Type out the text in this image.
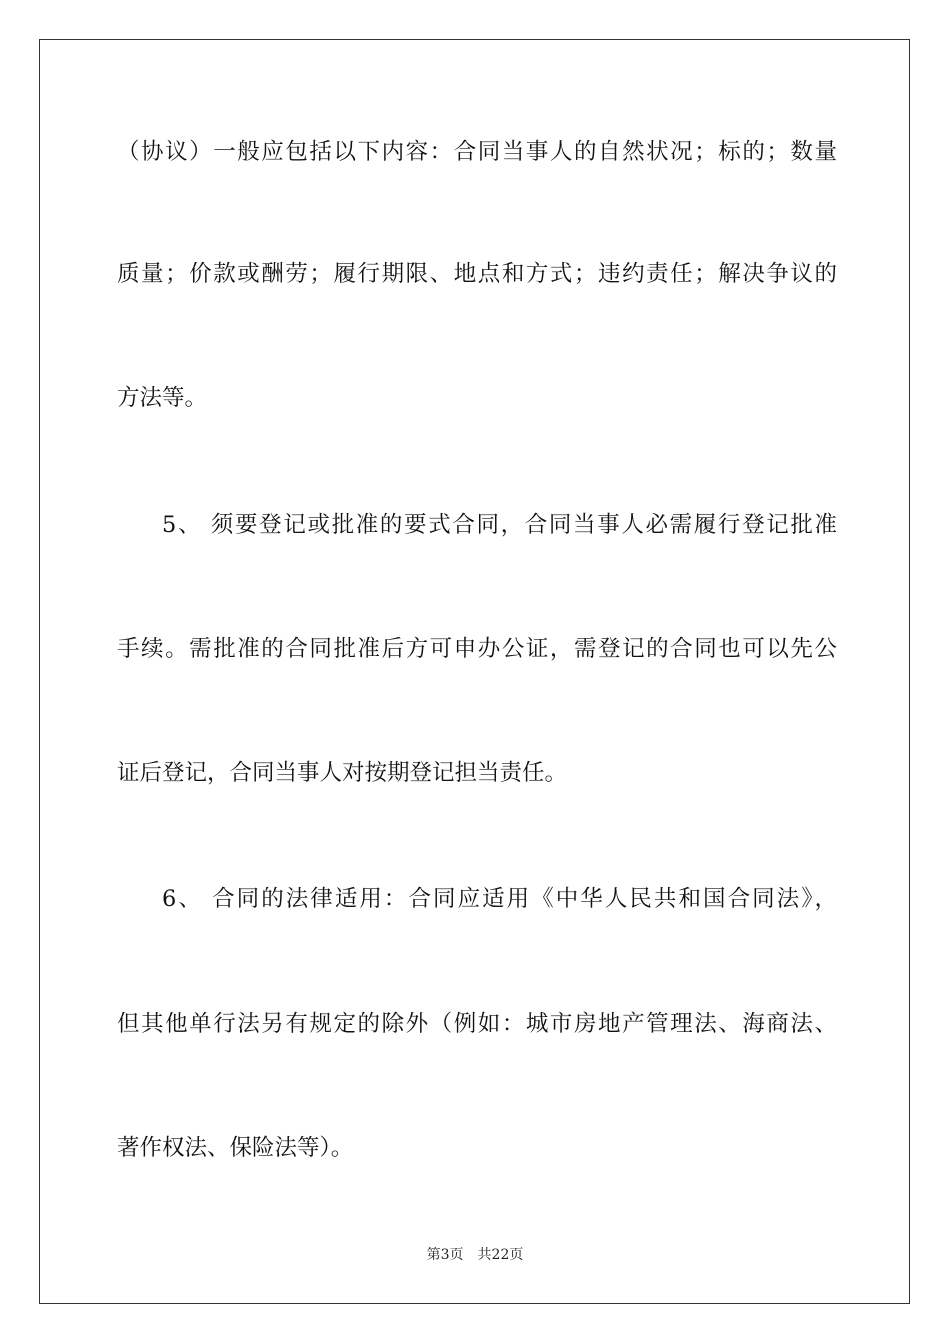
（协议）一般应包括以下内容：合同当事人的自然状况；标的；数量
质量；价款或酬劳；履行期限、地点和方式；违约责任；解决争议的
方法等。
5、 须要登记或批准的要式合同，合同当事人必需履行登记批准
手续。需批准的合同批准后方可申办公证，需登记的合同也可以先公
证后登记，合同当事人对按期登记担当责任。
6、 合同的法律适用：合同应适用《中华人民共和国合同法》，
但其他单行法另有规定的除外（例如：城市房地产管理法、海商法、
著作权法、保险法等）。
第3页 共22页
